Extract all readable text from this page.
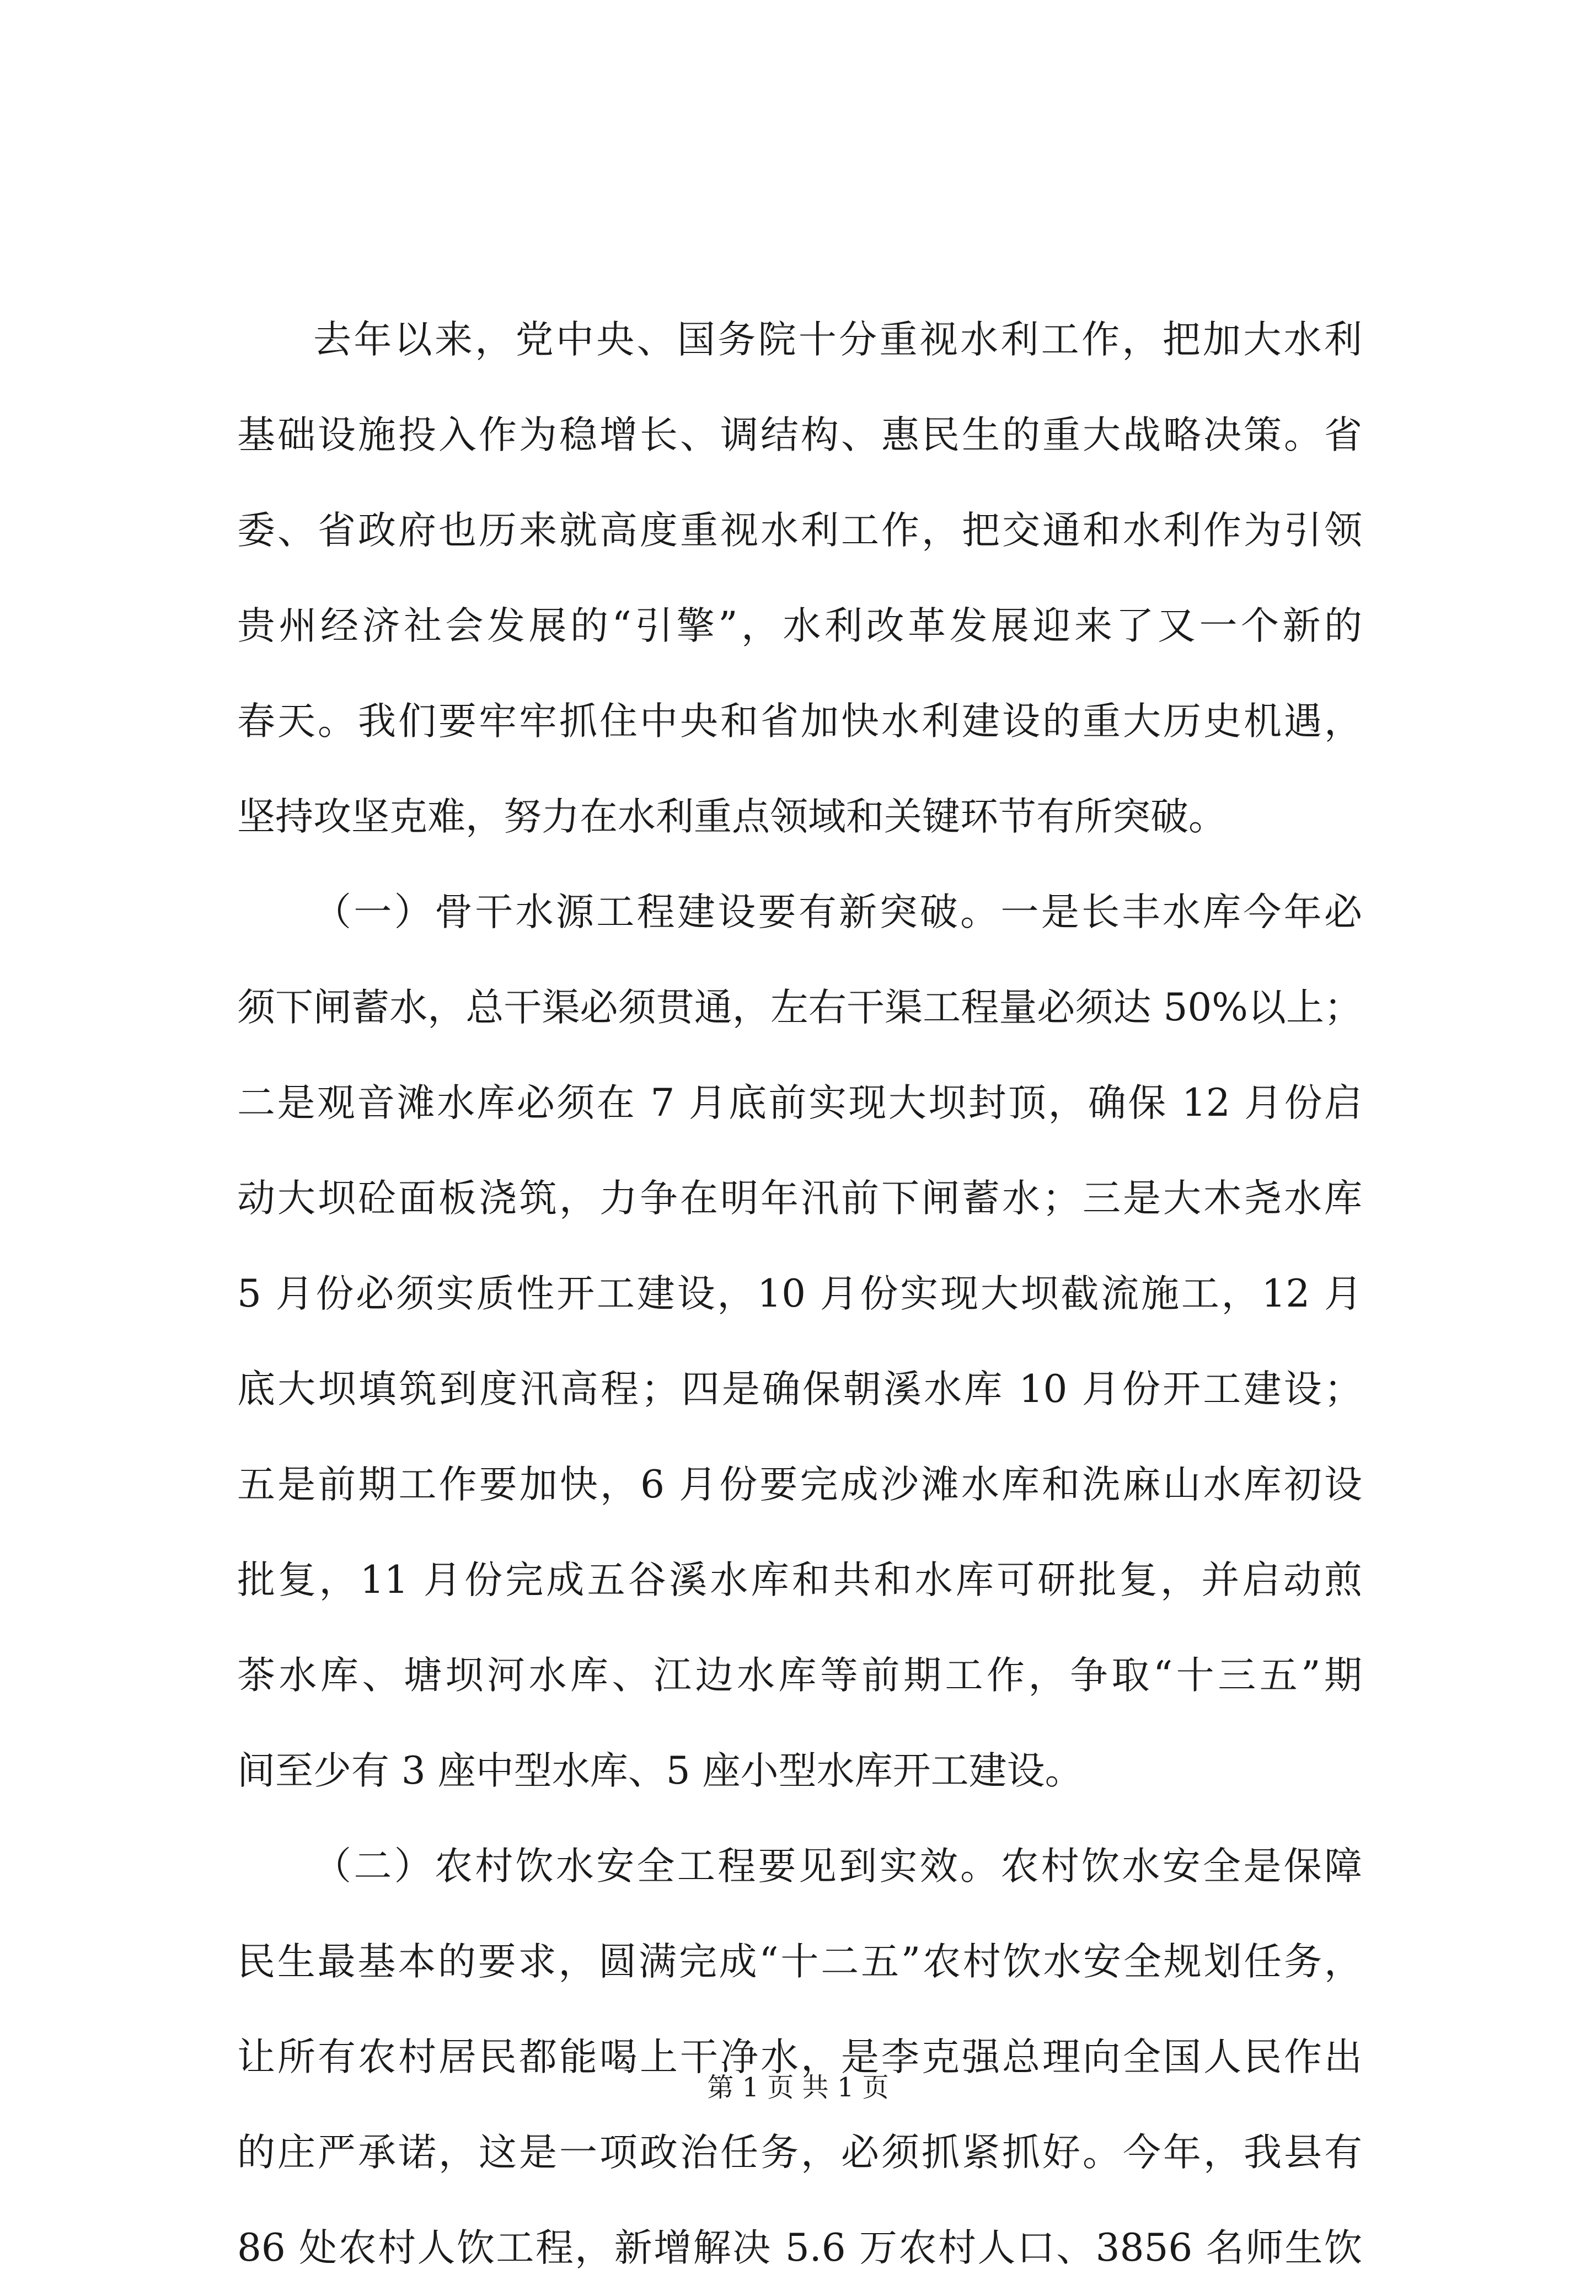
去年以来，党中央、国务院十分重视水利工作，把加大水利
基础设施投入作为稳增长、调结构、惠民生的重大战略决策。省
委、省政府也历来就高度重视水利工作，把交通和水利作为引领
贵州经济社会发展的“引擎”，水利改革发展迎来了又一个新的
春天。我们要牢牢抓住中央和省加快水利建设的重大历史机遇，
坚持攻坚克难，努力在水利重点领域和关键环节有所突破。
（一）骨干水源工程建设要有新突破。一是长丰水库今年必
须下闸蓄水，总干渠必须贯通，左右干渠工程量必须达 50%以上；
二是观音滩水库必须在 7 月底前实现大坝封顶，确保 12 月份启
动大坝砼面板浇筑，力争在明年汛前下闸蓄水；三是大木尧水库
5 月份必须实质性开工建设，10 月份实现大坝截流施工，12 月
底大坝填筑到度汛高程；四是确保朝溪水库 10 月份开工建设；
五是前期工作要加快，6 月份要完成沙滩水库和洗麻山水库初设
批复，11 月份完成五谷溪水库和共和水库可研批复，并启动煎
茶水库、塘坝河水库、江边水库等前期工作，争取“十三五”期
间至少有 3 座中型水库、5 座小型水库开工建设。
（二）农村饮水安全工程要见到实效。农村饮水安全是保障
民生最基本的要求，圆满完成“十二五”农村饮水安全规划任务，
让所有农村居民都能喝上干净水，是李克强总理向全国人民作出
的庄严承诺，这是一项政治任务，必须抓紧抓好。今年，我县有
86 处农村人饮工程，新增解决 5.6 万农村人口、3856 名师生饮
第 1 页 共 1 页
